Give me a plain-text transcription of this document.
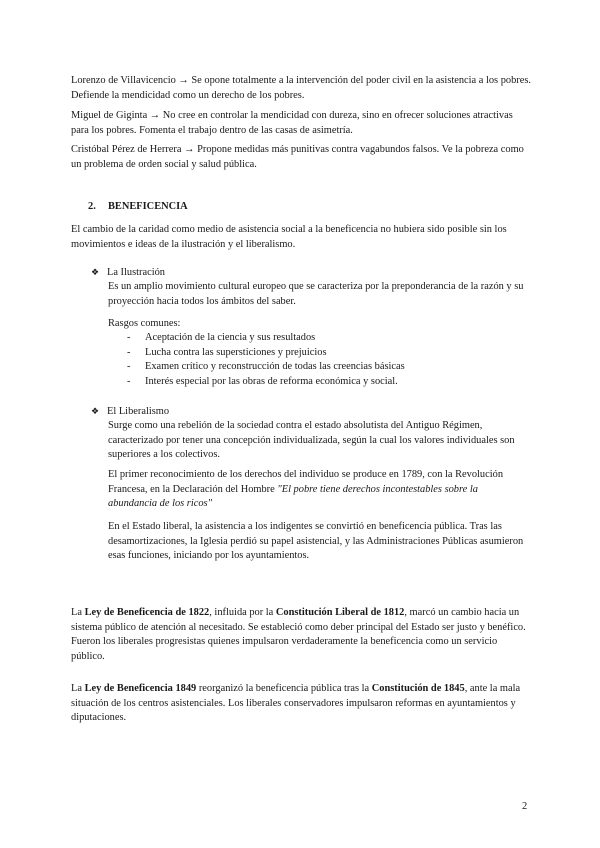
Lorenzo de Villavicencio → Se opone totalmente a la intervención del poder civil en la asistencia a los pobres. Defiende la mendicidad como un derecho de los pobres.

Miguel de Giginta → No cree en controlar la mendicidad con dureza, sino en ofrecer soluciones atractivas para los pobres. Fomenta el trabajo dentro de las casas de asimetría.

Cristóbal Pérez de Herrera → Propone medidas más punitivas contra vagabundos falsos. Ve la pobreza como un problema de orden social y salud pública.

2. BENEFICENCIA

El cambio de la caridad como medio de asistencia social a la beneficencia no hubiera sido posible sin los movimientos e ideas de la ilustración y el liberalismo.

❖ La Ilustración

Es un amplio movimiento cultural europeo que se caracteriza por la preponderancia de la razón y su proyección hacia todos los ámbitos del saber.

Rasgos comunes:

- Aceptación de la ciencia y sus resultados
- Lucha contra las supersticiones y prejuicios
- Examen crítico y reconstrucción de todas las creencias básicas
- Interés especial por las obras de reforma económica y social.
❖ El Liberalismo

Surge como una rebelión de la sociedad contra el estado absolutista del Antiguo Régimen, caracterizado por tener una concepción individualizada, según la cual los valores individuales son superiores a los colectivos.

El primer reconocimiento de los derechos del individuo se produce en 1789, con la Revolución Francesa, en la Declaración del Hombre "El pobre tiene derechos incontestables sobre la abundancia de los ricos"

En el Estado liberal, la asistencia a los indigentes se convirtió en beneficencia pública. Tras las desamortizaciones, la Iglesia perdió su papel asistencial, y las Administraciones Públicas asumieron esas funciones, iniciando por los ayuntamientos.

La Ley de Beneficencia de 1822, influida por la Constitución Liberal de 1812, marcó un cambio hacia un sistema público de atención al necesitado. Se estableció como deber principal del Estado ser justo y benéfico. Fueron los liberales progresistas quienes impulsaron verdaderamente la beneficencia como un servicio público.

La Ley de Beneficencia 1849 reorganizó la beneficencia pública tras la Constitución de 1845, ante la mala situación de los centros asistenciales. Los liberales conservadores impulsaron reformas en ayuntamientos y diputaciones.

2
